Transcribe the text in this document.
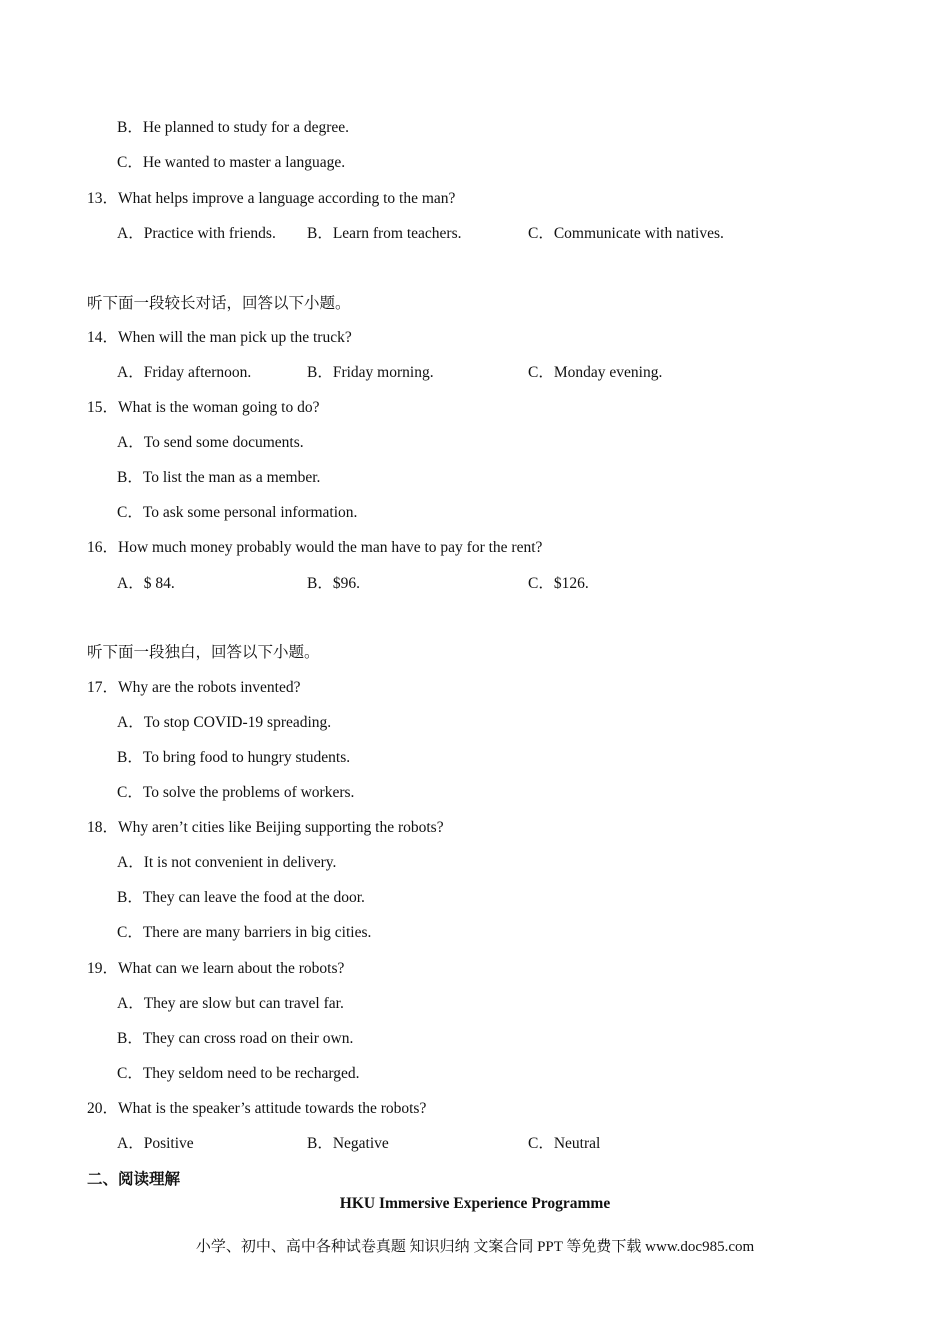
B．He planned to study for a degree.
C．He wanted to master a language.
13．What helps improve a language according to the man?
A．Practice with friends. B．Learn from teachers.	C．Communicate with natives.
听下面一段较长对话，回答以下小题。
14．When will the man pick up the truck?
A．Friday afternoon.	B．Friday morning.	C．Monday evening.
15．What is the woman going to do?
A．To send some documents.
B．To list the man as a member.
C．To ask some personal information.
16．How much money probably would the man have to pay for the rent?
A．$ 84.	B．$96.	C．$126.
听下面一段独白，回答以下小题。
17．Why are the robots invented?
A．To stop COVID-19 spreading.
B．To bring food to hungry students.
C．To solve the problems of workers.
18．Why aren’t cities like Beijing supporting the robots?
A．It is not convenient in delivery.
B．They can leave the food at the door.
C．There are many barriers in big cities.
19．What can we learn about the robots?
A．They are slow but can travel far.
B．They can cross road on their own.
C．They seldom need to be recharged.
20．What is the speaker’s attitude towards the robots?
A．Positive	B．Negative	C．Neutral
二、阅读理解
HKU Immersive Experience Programme
小学、初中、高中各种试卷真题 知识归纳 文案合同 PPT 等免费下载 www.doc985.com
